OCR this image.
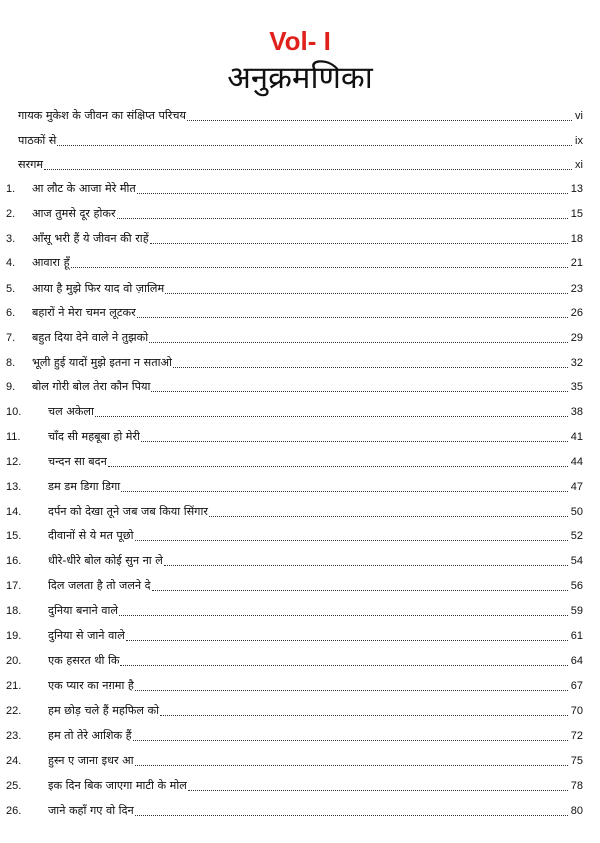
Vol- I
अनुक्रमणिका
गायक मुकेश के जीवन का संक्षिप्त परिचय	vi
पाठकों से	ix
सरगम	xi
1. आ लौट के आजा मेरे मीत	13
2. आज तुमसे दूर होकर	15
3. आँसू भरी हैं ये जीवन की राहें	18
4. आवारा हूँ	21
5. आया है मुझे फिर याद वो ज़ालिम	23
6. बहारों ने मेरा चमन लूटकर	26
7. बहुत दिया देने वाले ने तुझको	29
8. भूली हुई यादों मुझे इतना न सताओ	32
9. बोल गोरी बोल तेरा कौन पिया	35
10. चल अकेला	38
11. चाँद सी महबूबा हो मेरी	41
12. चन्दन सा बदन	44
13. डम डम डिगा डिगा	47
14. दर्पन को देखा तूने जब जब किया सिंगार	50
15. दीवानों से ये मत पूछो	52
16. धीरे-धीरे बोल कोई सुन ना ले	54
17. दिल जलता है तो जलने दे	56
18. दुनिया बनाने वाले	59
19. दुनिया से जाने वाले	61
20. एक हसरत थी कि	64
21. एक प्यार का नग़मा है	67
22. हम छोड़ चले हैं महफिल को	70
23. हम तो तेरे आशिक हैं	72
24. हुस्न ए जाना इधर आ	75
25. इक दिन बिक जाएगा माटी के मोल	78
26. जाने कहाँ गए वो दिन	80
